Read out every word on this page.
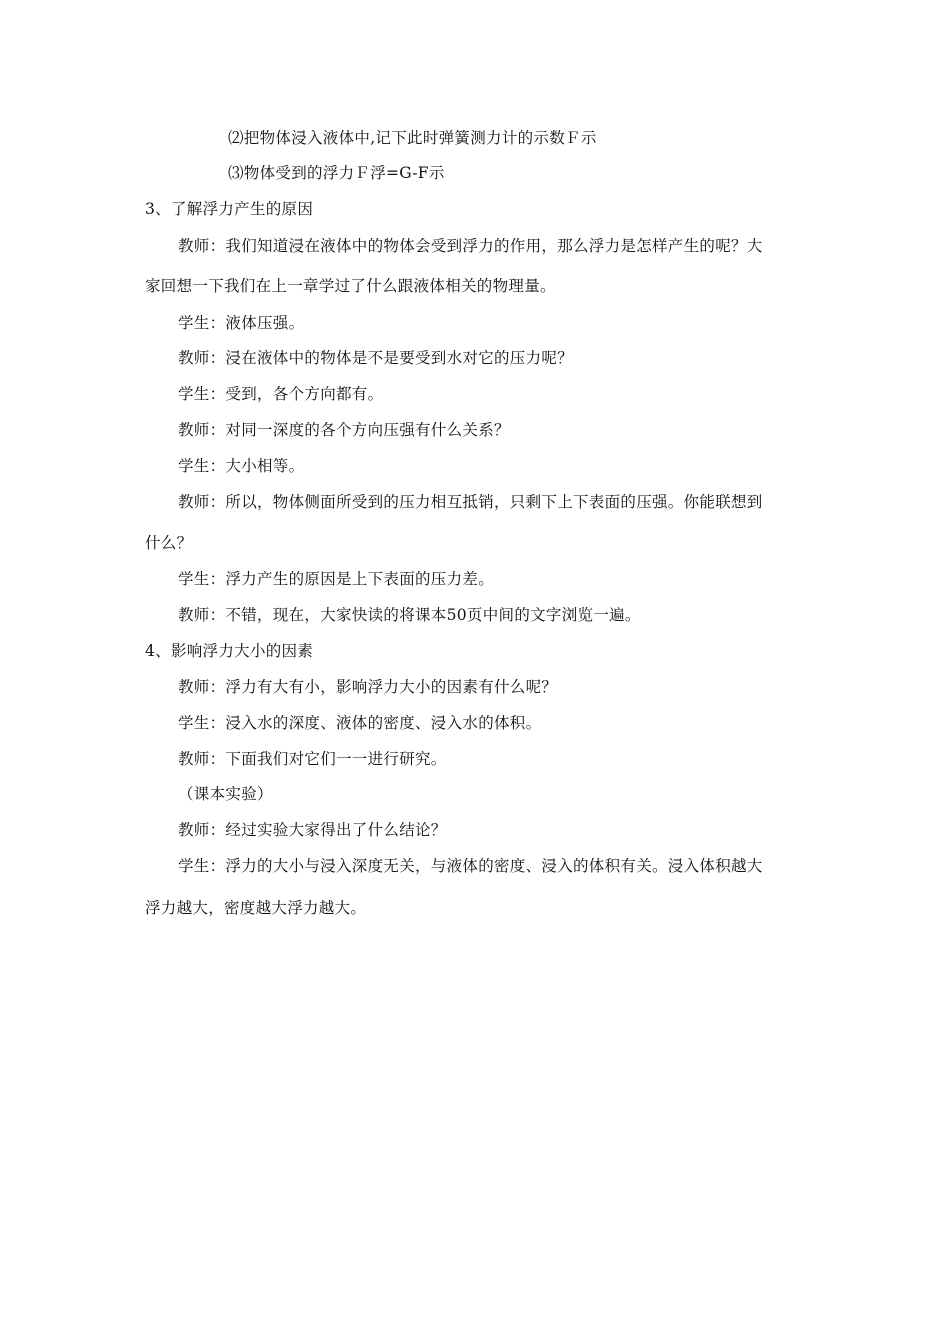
⑵把物体浸入液体中,记下此时弹簧测力计的示数Ｆ示
⑶物体受到的浮力Ｆ浮=G-F示
3、了解浮力产生的原因
教师：我们知道浸在液体中的物体会受到浮力的作用，那么浮力是怎样产生的呢？大
家回想一下我们在上一章学过了什么跟液体相关的物理量。
学生：液体压强。
教师：浸在液体中的物体是不是要受到水对它的压力呢？
学生：受到，各个方向都有。
教师：对同一深度的各个方向压强有什么关系？
学生：大小相等。
教师：所以，物体侧面所受到的压力相互抵销，只剩下上下表面的压强。你能联想到
什么？
学生：浮力产生的原因是上下表面的压力差。
教师：不错，现在，大家快读的将课本50页中间的文字浏览一遍。
4、影响浮力大小的因素
教师：浮力有大有小，影响浮力大小的因素有什么呢？
学生：浸入水的深度、液体的密度、浸入水的体积。
教师：下面我们对它们一一进行研究。
（课本实验）
教师：经过实验大家得出了什么结论？
学生：浮力的大小与浸入深度无关，与液体的密度、浸入的体积有关。浸入体积越大
浮力越大，密度越大浮力越大。
